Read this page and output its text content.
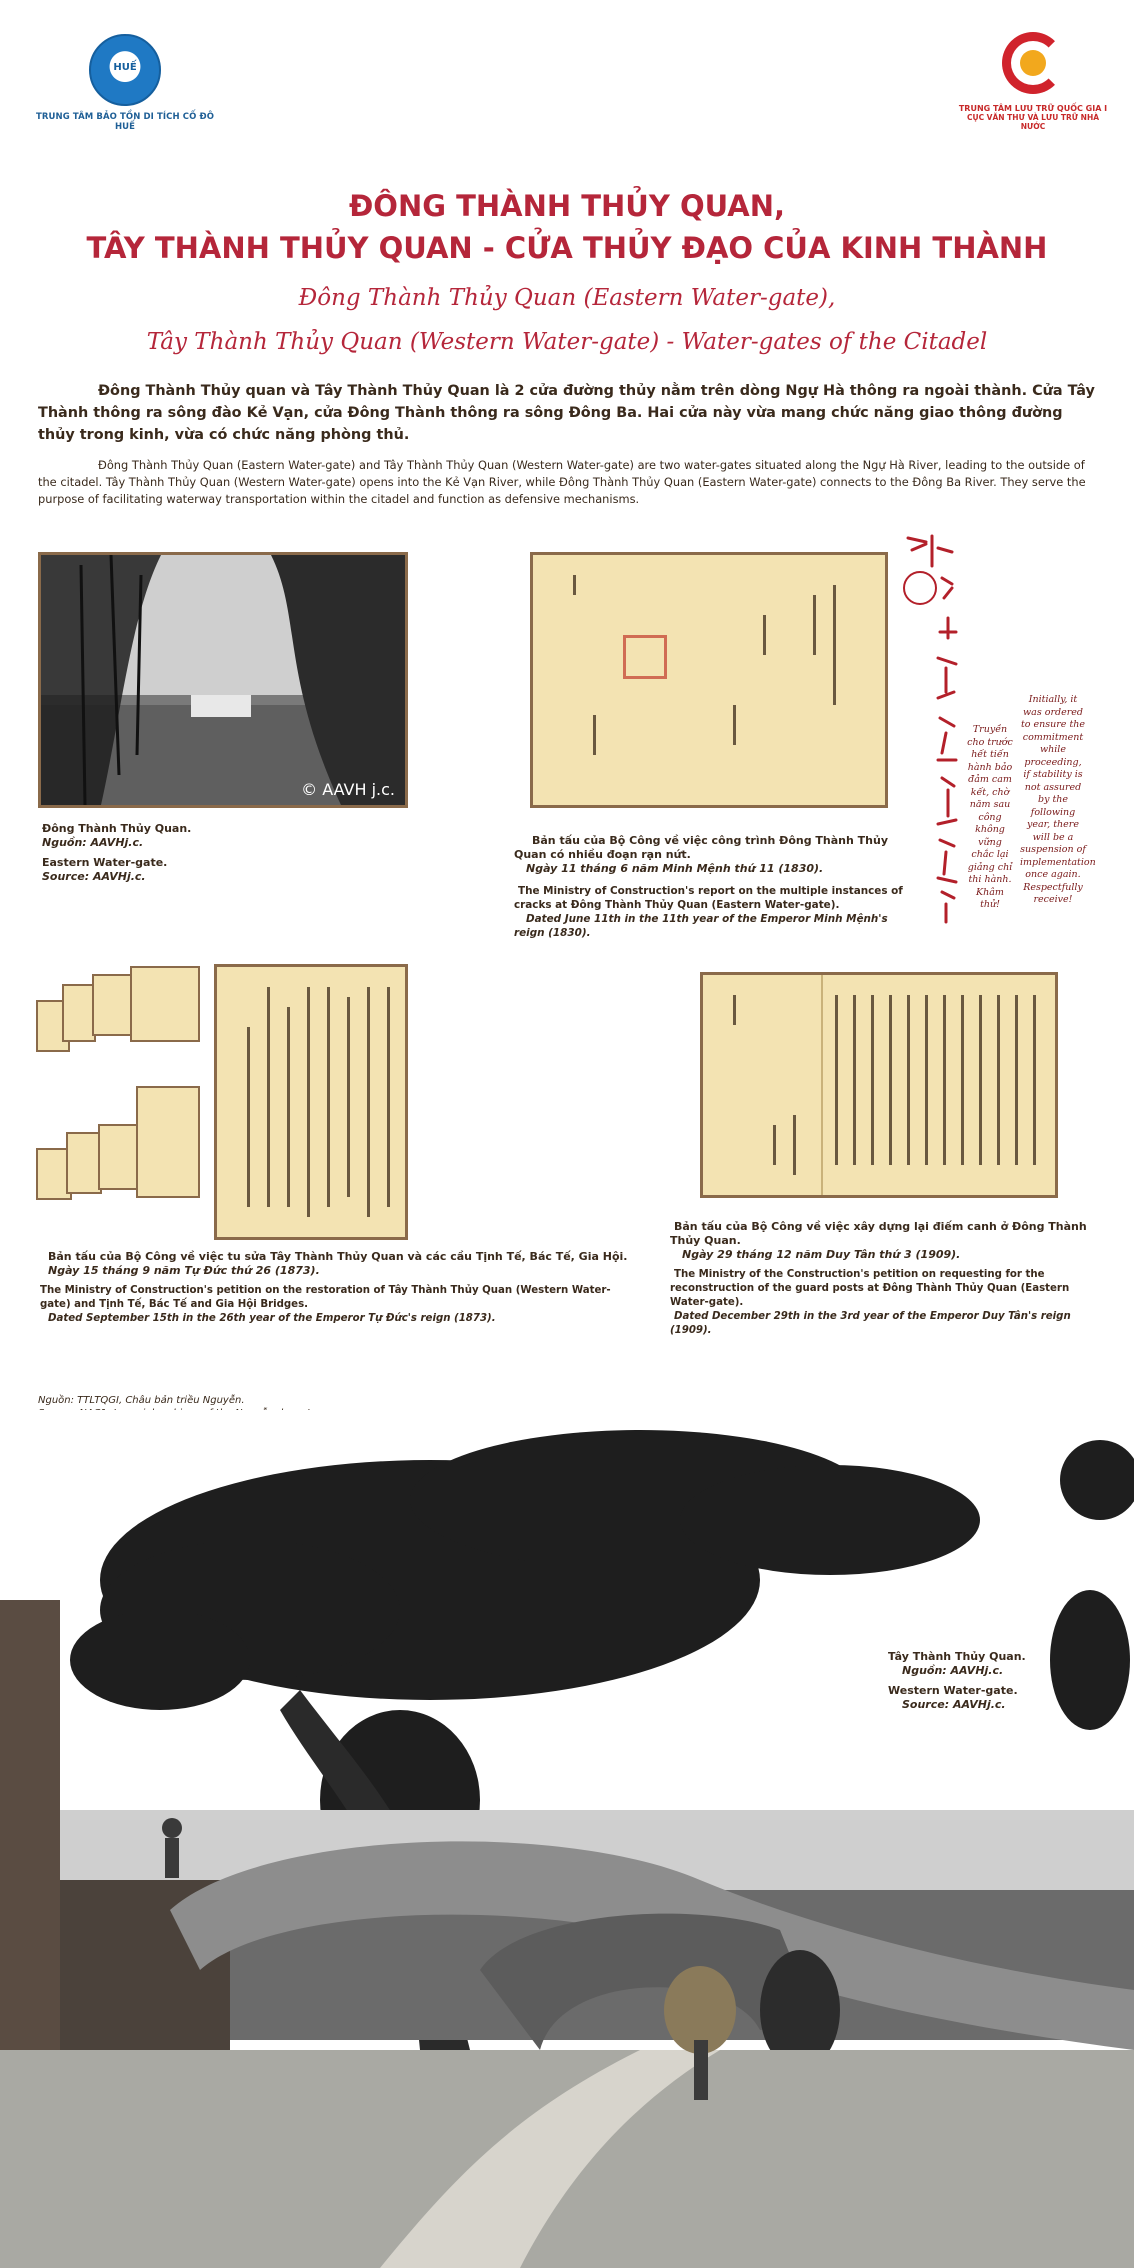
HUẾ
TRUNG TÂM BẢO TỒN DI TÍCH CỐ ĐÔ HUẾ
TRUNG TÂM LƯU TRỮ QUỐC GIA I
CỤC VĂN THƯ VÀ LƯU TRỮ NHÀ NƯỚC
ĐÔNG THÀNH THỦY QUAN,
TÂY THÀNH THỦY QUAN - CỬA THỦY ĐẠO CỦA KINH THÀNH
Đông Thành Thủy Quan (Eastern Water-gate),
Tây Thành Thủy Quan (Western Water-gate) - Water-gates of the Citadel
Đông Thành Thủy quan và Tây Thành Thủy Quan là 2 cửa đường thủy nằm trên dòng Ngự Hà thông ra ngoài thành. Cửa Tây Thành thông ra sông đào Kẻ Vạn, cửa Đông Thành thông ra sông Đông Ba. Hai cửa này vừa mang chức năng giao thông đường thủy trong kinh, vừa có chức năng phòng thủ.
Đông Thành Thủy Quan (Eastern Water-gate) and Tây Thành Thủy Quan (Western Water-gate) are two water-gates situated along the Ngự Hà River, leading to the outside of the citadel. Tây Thành Thủy Quan (Western Water-gate) opens into the Kẻ Vạn River, while Đông Thành Thủy Quan (Eastern Water-gate) connects to the Đông Ba River. They serve the purpose of facilitating waterway transportation within the citadel and function as defensive mechanisms.
© AAVH j.c.
Đông Thành Thủy Quan.
Nguồn: AAVHj.c.
Eastern Water-gate.
Source: AAVHj.c.
Bản tấu của Bộ Công về việc công trình Đông Thành Thủy Quan có nhiều đoạn rạn nứt.
Ngày 11 tháng 6 năm Minh Mệnh thứ 11 (1830).
The Ministry of Construction's report on the multiple instances of cracks at Đông Thành Thủy Quan (Eastern Water-gate).
Dated June 11th in the 11th year of the Emperor Minh Mệnh's reign (1830).
Truyền cho trước hết tiến hành bảo đảm cam kết, chờ năm sau công không vững chắc lại giảng chỉ thi hành. Khâm thử!
Initially, it was ordered to ensure the commitment while proceeding, if stability is not assured by the following year, there will be a suspension of implementation once again. Respectfully receive!
Bản tấu của Bộ Công về việc tu sửa Tây Thành Thủy Quan và các cầu Tịnh Tế, Bác Tế, Gia Hội.
Ngày 15 tháng 9 năm Tự Đức thứ 26 (1873).
The Ministry of Construction's petition on the restoration of Tây Thành Thủy Quan (Western Water-gate) and Tịnh Tế, Bác Tế and Gia Hội Bridges.
Dated September 15th in the 26th year of the Emperor Tự Đức's reign (1873).
Bản tấu của Bộ Công về việc xây dựng lại điếm canh ở Đông Thành Thủy Quan.
Ngày 29 tháng 12 năm Duy Tân thứ 3 (1909).
The Ministry of the Construction's petition on requesting for the reconstruction of the guard posts at Đông Thành Thủy Quan (Eastern Water-gate).
Dated December 29th in the 3rd year of the Emperor Duy Tân's reign (1909).
Nguồn: TTLTQGI, Châu bản triều Nguyễn.
Tây Thành Thủy Quan.
Nguồn: AAVHj.c.
Western Water-gate.
Source: AAVHj.c.
